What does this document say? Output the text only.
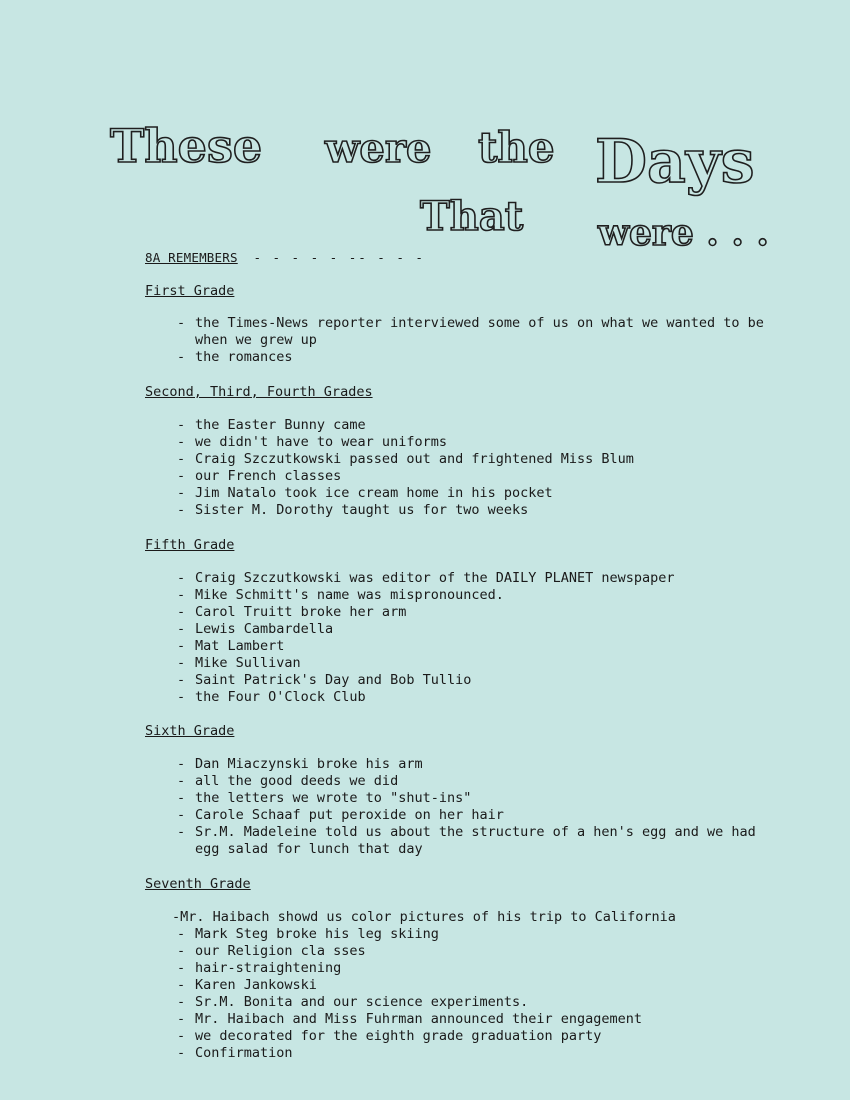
These were the Days
That were . . .
8A REMEMBERS - - - - - -- - - -

First Grade

- the Times-News reporter interviewed some of us on what we wanted to be
when we grew up
- the romances

Second, Third, Fourth Grades

- the Easter Bunny came
- we didn't have to wear uniforms
- Craig Szczutkowski passed out and frightened Miss Blum
- our French classes
- Jim Natalo took ice cream home in his pocket
- Sister M. Dorothy taught us for two weeks

Fifth Grade

- Craig Szczutkowski was editor of the DAILY PLANET newspaper
- Mike Schmitt's name was mispronounced.
- Carol Truitt broke her arm
- Lewis Cambardella
- Mat Lambert
- Mike Sullivan
- Saint Patrick's Day and Bob Tullio
- the Four O'Clock Club

Sixth Grade

- Dan Miaczynski broke his arm
- all the good deeds we did
- the letters we wrote to "shut-ins"
- Carole Schaaf put peroxide on her hair
- Sr.M. Madeleine told us about the structure of a hen's egg and we had
egg salad for lunch that day

Seventh Grade

-Mr. Haibach showd us color pictures of his trip to California
- Mark Steg broke his leg skiing
- our Religion cla sses
- hair-straightening
- Karen Jankowski
- Sr.M. Bonita and our science experiments.
- Mr. Haibach and Miss Fuhrman announced their engagement
- we decorated for the eighth grade graduation party
- Confirmation
